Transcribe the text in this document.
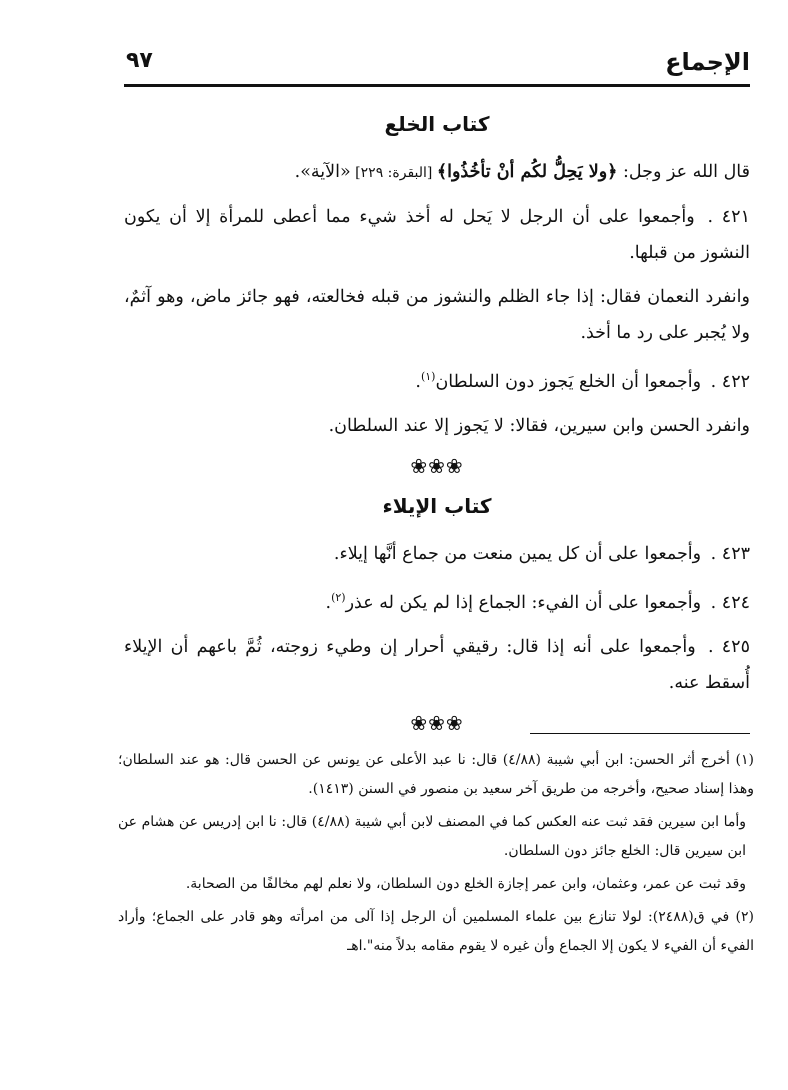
الإجماع
٩٧
كتاب الخلع

قال الله عز وجل: ﴿ولا يَحِلُّ لكُم أنْ تأخُذُوا﴾ [البقرة: ٢٢٩] «الآية».

٤٢١ . وأجمعوا على أن الرجل لا يَحل له أخذ شيء مما أعطى للمرأة إلا أن يكون النشوز من قبلها.

وانفرد النعمان فقال: إذا جاء الظلم والنشوز من قبله فخالعته، فهو جائز ماض، وهو آثمٌ، ولا يُجبر على رد ما أخذ.

٤٢٢ . وأجمعوا أن الخلع يَجوز دون السلطان$^{(١)}$.

وانفرد الحسن وابن سيرين، فقالا: لا يَجوز إلا عند السلطان.

❀❀❀
كتاب الإيلاء

٤٢٣ . وأجمعوا على أن كل يمين منعت من جماع أنَّها إيلاء.

٤٢٤ . وأجمعوا على أن الفيء: الجماع إذا لم يكن له عذر$^{(٢)}$.

٤٢٥ . وأجمعوا على أنه إذا قال: رقيقي أحرار إن وطيء زوجته، ثُمَّ باعهم أن الإيلاء أُسقط عنه.

❀❀❀

(١) أخرج أثر الحسن: ابن أبي شيبة (٤/٨٨) قال: نا عبد الأعلى عن يونس عن الحسن قال: هو عند السلطان؛ وهذا إسناد صحيح، وأخرجه من طريق آخر سعيد بن منصور في السنن (١٤١٣).

وأما ابن سيرين فقد ثبت عنه العكس كما في المصنف لابن أبي شيبة (٤/٨٨) قال: نا ابن إدريس عن هشام عن ابن سيرين قال: الخلع جائز دون السلطان.

وقد ثبت عن عمر، وعثمان، وابن عمر إجازة الخلع دون السلطان، ولا نعلم لهم مخالفًا من الصحابة.

(٢) في ق(٢٤٨٨): لولا تنازع بين علماء المسلمين أن الرجل إذا آلى من امرأته وهو قادر على الجماع؛ وأراد الفيء أن الفيء لا يكون إلا الجماع وأن غيره لا يقوم مقامه بدلاً منه".اهـ
